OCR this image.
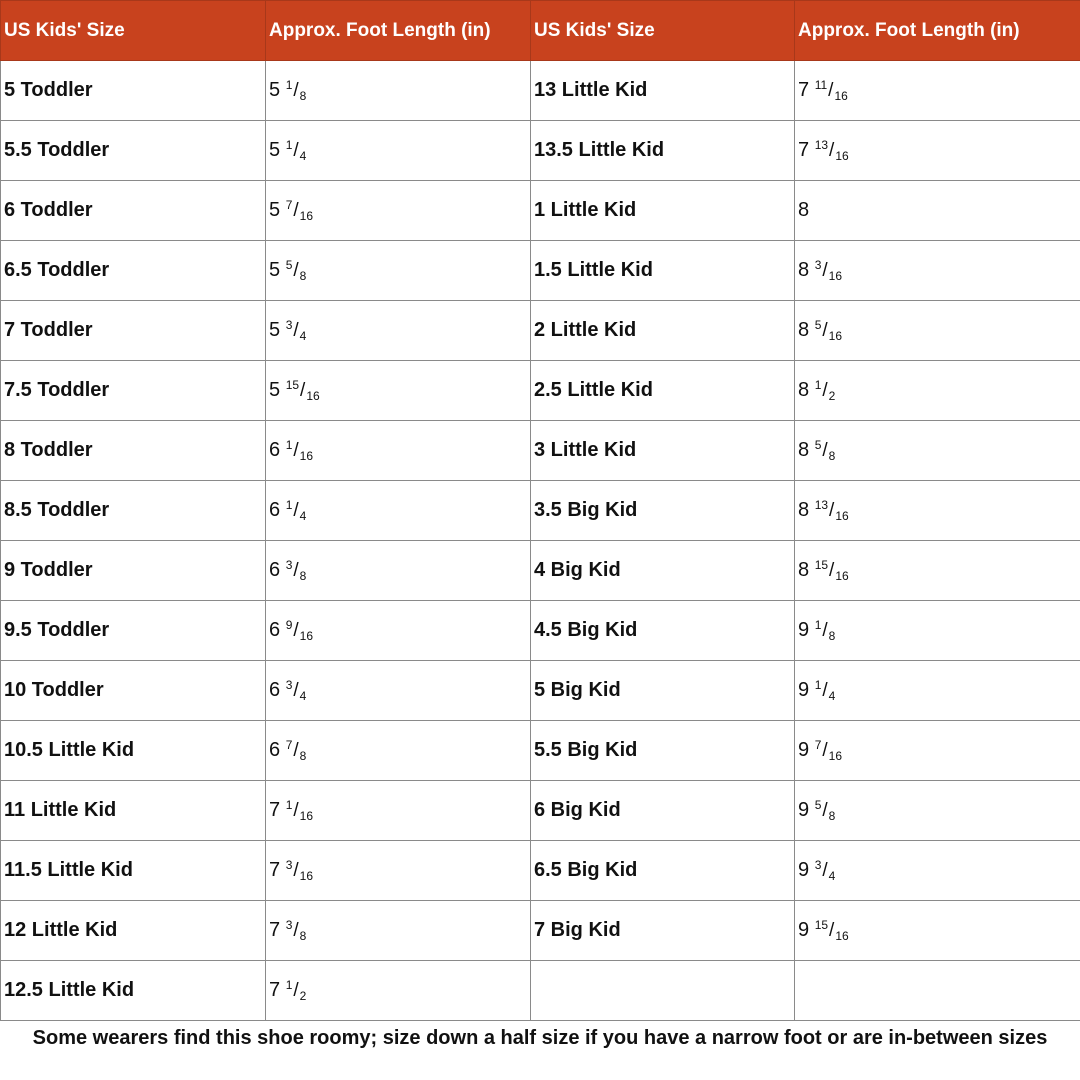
US Kids' Size	Approx. Foot Length (in)	US Kids' Size	Approx. Foot Length (in)
5 Toddler	5 $^1/_8$	13 Little Kid	7 $^{11}/_{16}$
5.5 Toddler	5 $^1/_4$	13.5 Little Kid	7 $^{13}/_{16}$
6 Toddler	5 $^7/_{16}$	1 Little Kid	8
6.5 Toddler	5 $^5/_8$	1.5 Little Kid	8 $^3/_{16}$
7 Toddler	5 $^3/_4$	2 Little Kid	8 $^5/_{16}$
7.5 Toddler	5 $^{15}/_{16}$	2.5 Little Kid	8 $^1/_2$
8 Toddler	6 $^1/_{16}$	3 Little Kid	8 $^5/_8$
8.5 Toddler	6 $^1/_4$	3.5 Big Kid	8 $^{13}/_{16}$
9 Toddler	6 $^3/_8$	4 Big Kid	8 $^{15}/_{16}$
9.5 Toddler	6 $^9/_{16}$	4.5 Big Kid	9 $^1/_8$
10 Toddler	6 $^3/_4$	5 Big Kid	9 $^1/_4$
10.5 Little Kid	6 $^7/_8$	5.5 Big Kid	9 $^7/_{16}$
11 Little Kid	7 $^1/_{16}$	6 Big Kid	9 $^5/_8$
11.5 Little Kid	7 $^3/_{16}$	6.5 Big Kid	9 $^3/_4$
12 Little Kid	7 $^3/_8$	7 Big Kid	9 $^{15}/_{16}$
12.5 Little Kid	7 $^1/_2$		
Some wearers find this shoe roomy; size down a half size if you have a narrow foot or are in-between sizes
